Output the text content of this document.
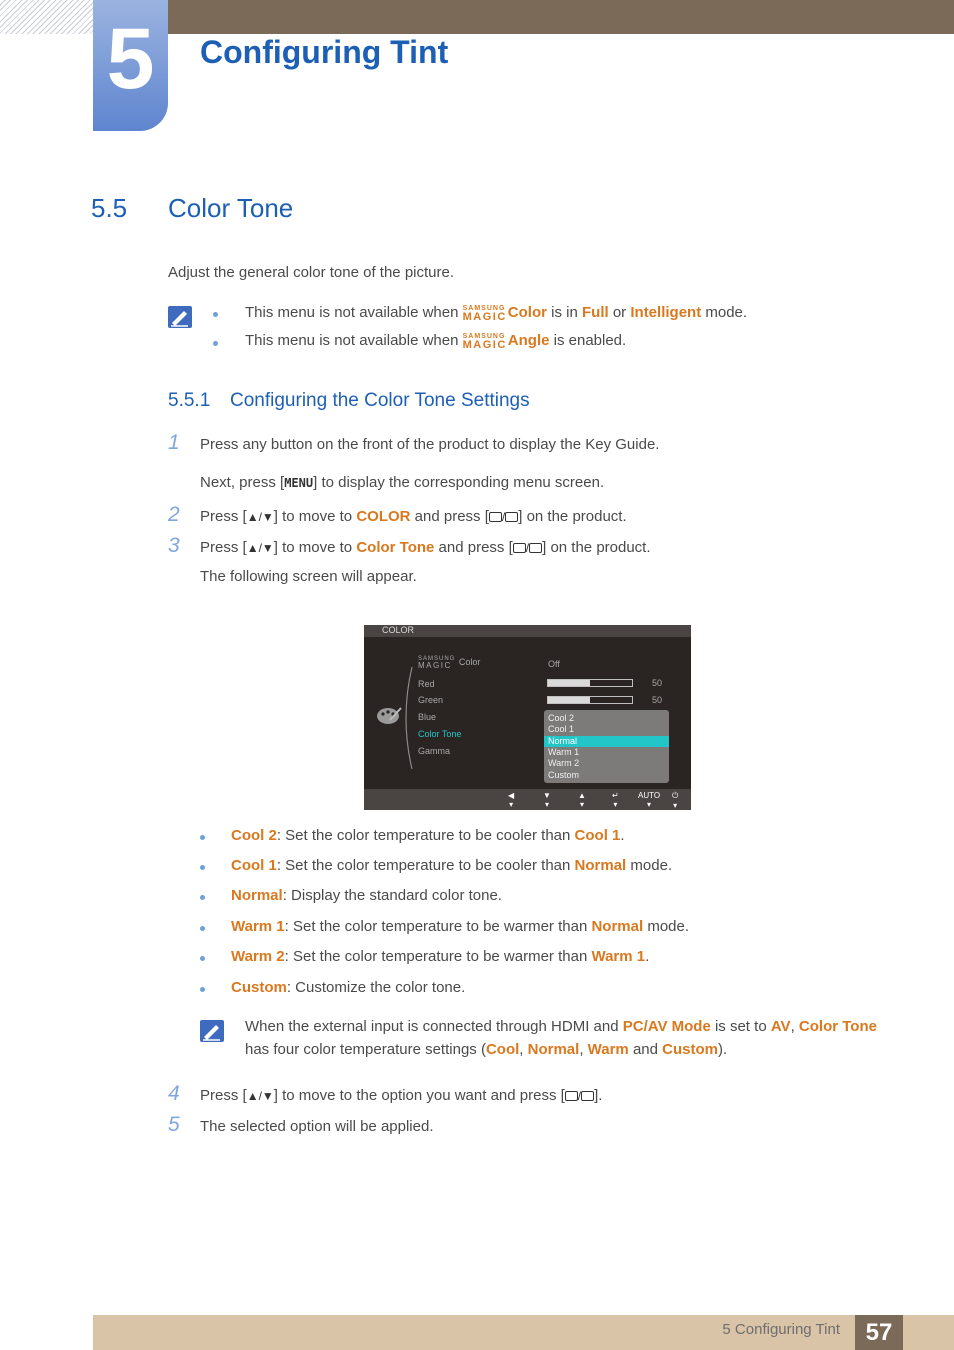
5	Configuring Tint
5.5 Color Tone
Adjust the general color tone of the picture.
This menu is not available when SAMSUNG
MAGIC Color is in Full or Intelligent mode.
This menu is not available when SAMSUNG
MAGIC Angle is enabled.
5.5.1 Configuring the Color Tone Settings
1 Press any button on the front of the product to display the Key Guide.
Next, press [MENU] to display the corresponding menu screen.
2 Press [▲/▼] to move to COLOR and press [ / ] on the product.
3 Press [▲/▼] to move to Color Tone and press [ / ] on the product.
The following screen will appear.
COLOR
SAMSUNG
MAGIC Color
Red
Green
Blue
Color Tone
Gamma
Off
50
50
Cool 2
Cool 1
Normal
Warm 1
Warm 2
Custom
◀
▾
▼
▾
▲
▾
↵
▾
AUTO
▾
⏻
▾
Cool 2: Set the color temperature to be cooler than Cool 1.
Cool 1: Set the color temperature to be cooler than Normal mode.
Normal: Display the standard color tone.
Warm 1: Set the color temperature to be warmer than Normal mode.
Warm 2: Set the color temperature to be warmer than Warm 1.
Custom: Customize the color tone.
When the external input is connected through HDMI and PC/AV Mode is set to AV, Color Tone
has four color temperature settings (Cool, Normal, Warm and Custom).
4 Press [▲/▼] to move to the option you want and press [ / ].
5 The selected option will be applied.
5 Configuring Tint	57
